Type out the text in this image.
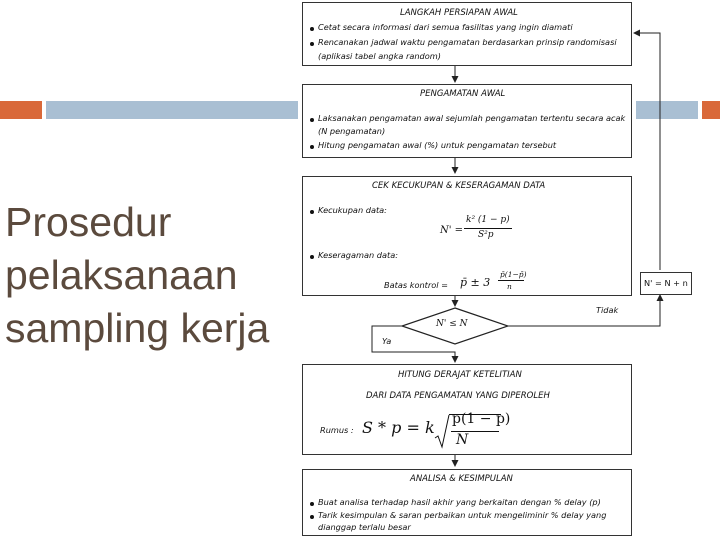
Prosedur
pelaksanaan
sampling kerja
LANGKAH PERSIAPAN AWAL
Cetat secara informasi dari semua fasilitas yang ingin diamati
Rencanakan jadwal waktu pengamatan berdasarkan prinsip randomisasi
(aplikasi tabel angka random)
PENGAMATAN AWAL
Laksanakan pengamatan awal sejumlah pengamatan tertentu secara acak
(N pengamatan)
Hitung pengamatan awal (%) untuk pengamatan tersebut
CEK KECUKUPAN & KESERAGAMAN DATA
Kecukupan data:
N' =
k² (1 − p)
S²p
Keseragaman data:
Batas kontrol = p̄ ± 3
p̄(1−p̄)
n
N' ≤ N
Ya
Tidak
N' = N + n
HITUNG DERAJAT KETELITIAN
DARI DATA PENGAMATAN YANG DIPEROLEH
Rumus : S * p = k p(1 − p)
N
ANALISA & KESIMPULAN
Buat analisa terhadap hasil akhir yang berkaitan dengan % delay (p)
Tarik kesimpulan & saran perbaikan untuk mengeliminir % delay yang
dianggap terlalu besar
